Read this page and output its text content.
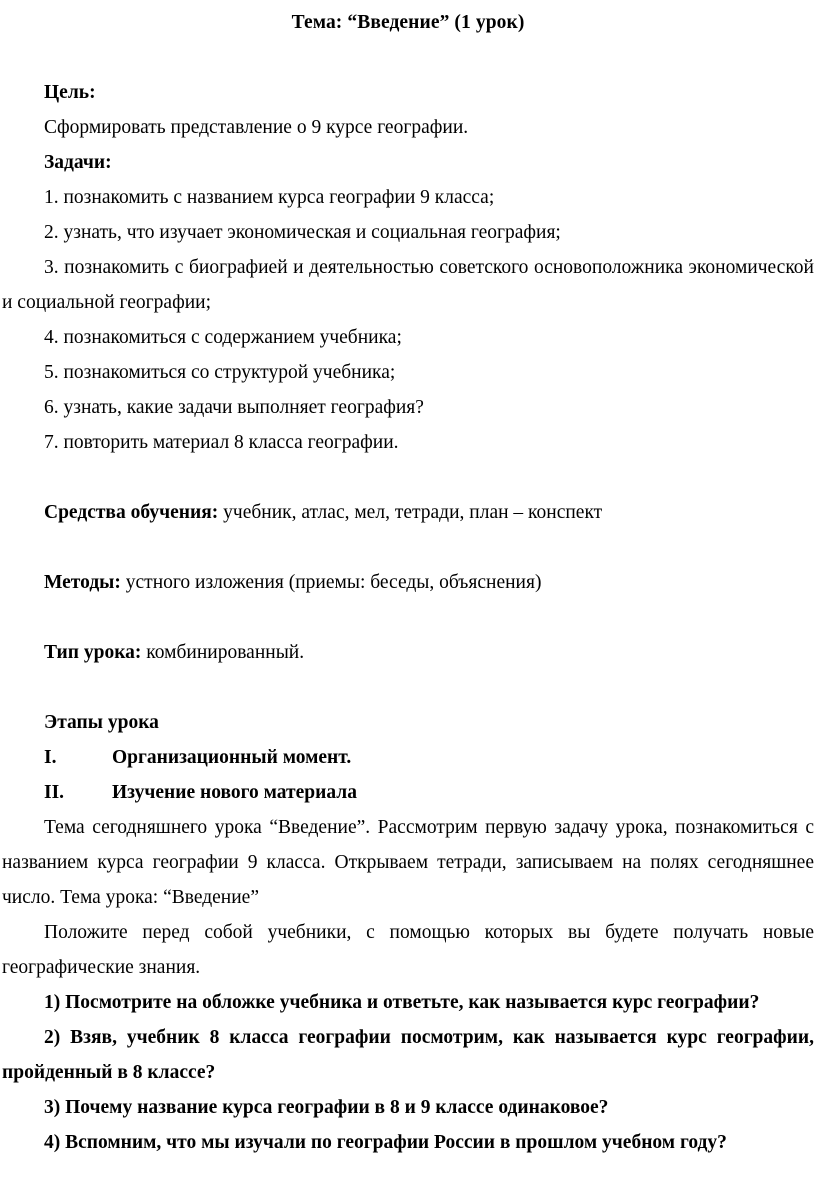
Тема: “Введение” (1 урок)

Цель:

Сформировать представление о 9 курсе географии.

Задачи:

1. познакомить с названием курса географии 9 класса;

2. узнать, что изучает экономическая и социальная география;

3. познакомить с биографией и деятельностью советского основоположника экономической и социальной географии;

4. познакомиться с содержанием учебника;

5. познакомиться со структурой учебника;

6. узнать, какие задачи выполняет география?

7. повторить материал 8 класса географии.

Средства обучения: учебник, атлас, мел, тетради, план – конспект

Методы: устного изложения (приемы: беседы, объяснения)

Тип урока: комбинированный.

Этапы урока

I.	Организационный момент.

II. Изучение нового материала

Тема сегодняшнего урока “Введение”. Рассмотрим первую задачу урока, познакомиться с названием курса географии 9 класса. Открываем тетради, записываем на полях сегодняшнее число. Тема урока: “Введение”

Положите перед собой учебники, с помощью которых вы будете получать новые географические знания.

1) Посмотрите на обложке учебника и ответьте, как называется курс географии?

2) Взяв, учебник 8 класса географии посмотрим, как называется курс географии, пройденный в 8 классе?

3) Почему название курса географии в 8 и 9 классе одинаковое?

4) Вспомним, что мы изучали по географии России в прошлом учебном году?
